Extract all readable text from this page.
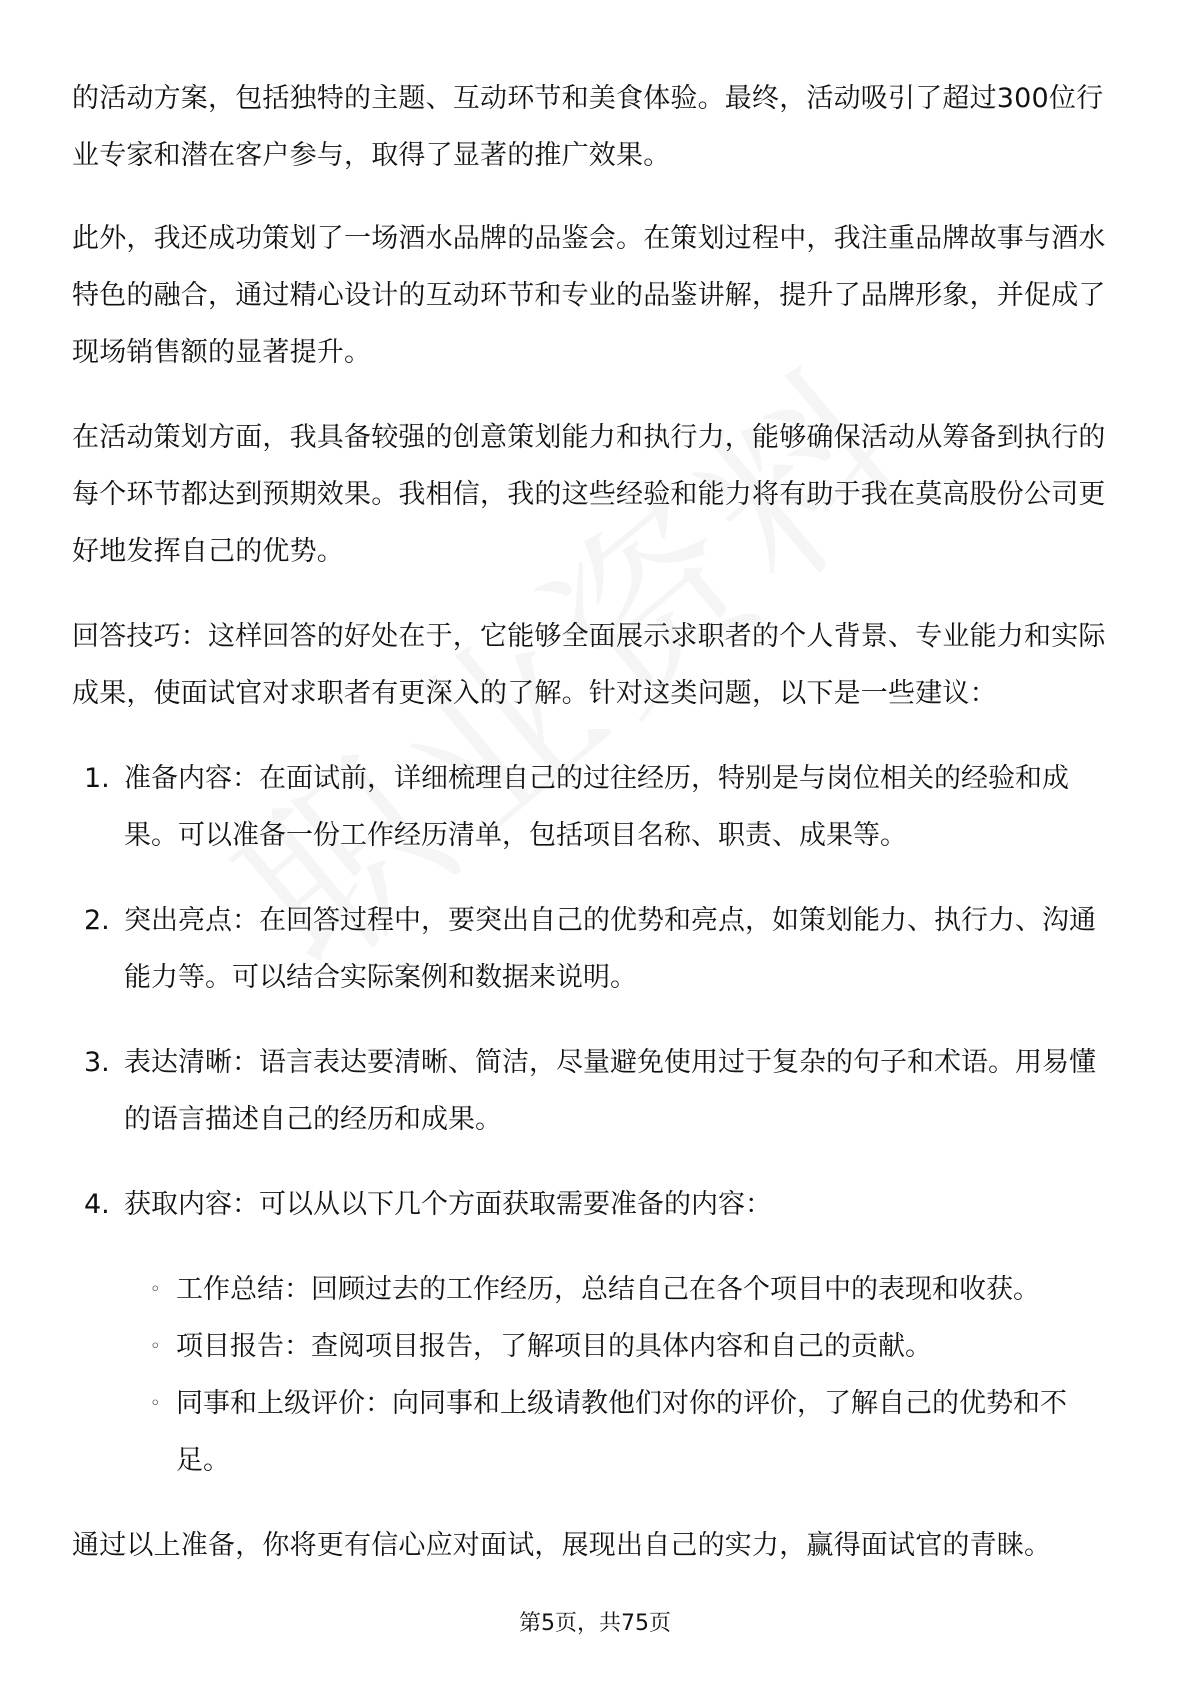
的活动方案，包括独特的主题、互动环节和美食体验。最终，活动吸引了超过300位行业专家和潜在客户参与，取得了显著的推广效果。

此外，我还成功策划了一场酒水品牌的品鉴会。在策划过程中，我注重品牌故事与酒水特色的融合，通过精心设计的互动环节和专业的品鉴讲解，提升了品牌形象，并促成了现场销售额的显著提升。

在活动策划方面，我具备较强的创意策划能力和执行力，能够确保活动从筹备到执行的每个环节都达到预期效果。我相信，我的这些经验和能力将有助于我在莫高股份公司更好地发挥自己的优势。

回答技巧：这样回答的好处在于，它能够全面展示求职者的个人背景、专业能力和实际成果，使面试官对求职者有更深入的了解。针对这类问题，以下是一些建议：

1. 准备内容：在面试前，详细梳理自己的过往经历，特别是与岗位相关的经验和成果。可以准备一份工作经历清单，包括项目名称、职责、成果等。
2. 突出亮点：在回答过程中，要突出自己的优势和亮点，如策划能力、执行力、沟通能力等。可以结合实际案例和数据来说明。
3. 表达清晰：语言表达要清晰、简洁，尽量避免使用过于复杂的句子和术语。用易懂的语言描述自己的经历和成果。
4. 获取内容：可以从以下几个方面获取需要准备的内容：
◦ 工作总结：回顾过去的工作经历，总结自己在各个项目中的表现和收获。
◦ 项目报告：查阅项目报告，了解项目的具体内容和自己的贡献。
◦ 同事和上级评价：向同事和上级请教他们对你的评价，了解自己的优势和不足。

通过以上准备，你将更有信心应对面试，展现出自己的实力，赢得面试官的青睐。

第5页，共75页
